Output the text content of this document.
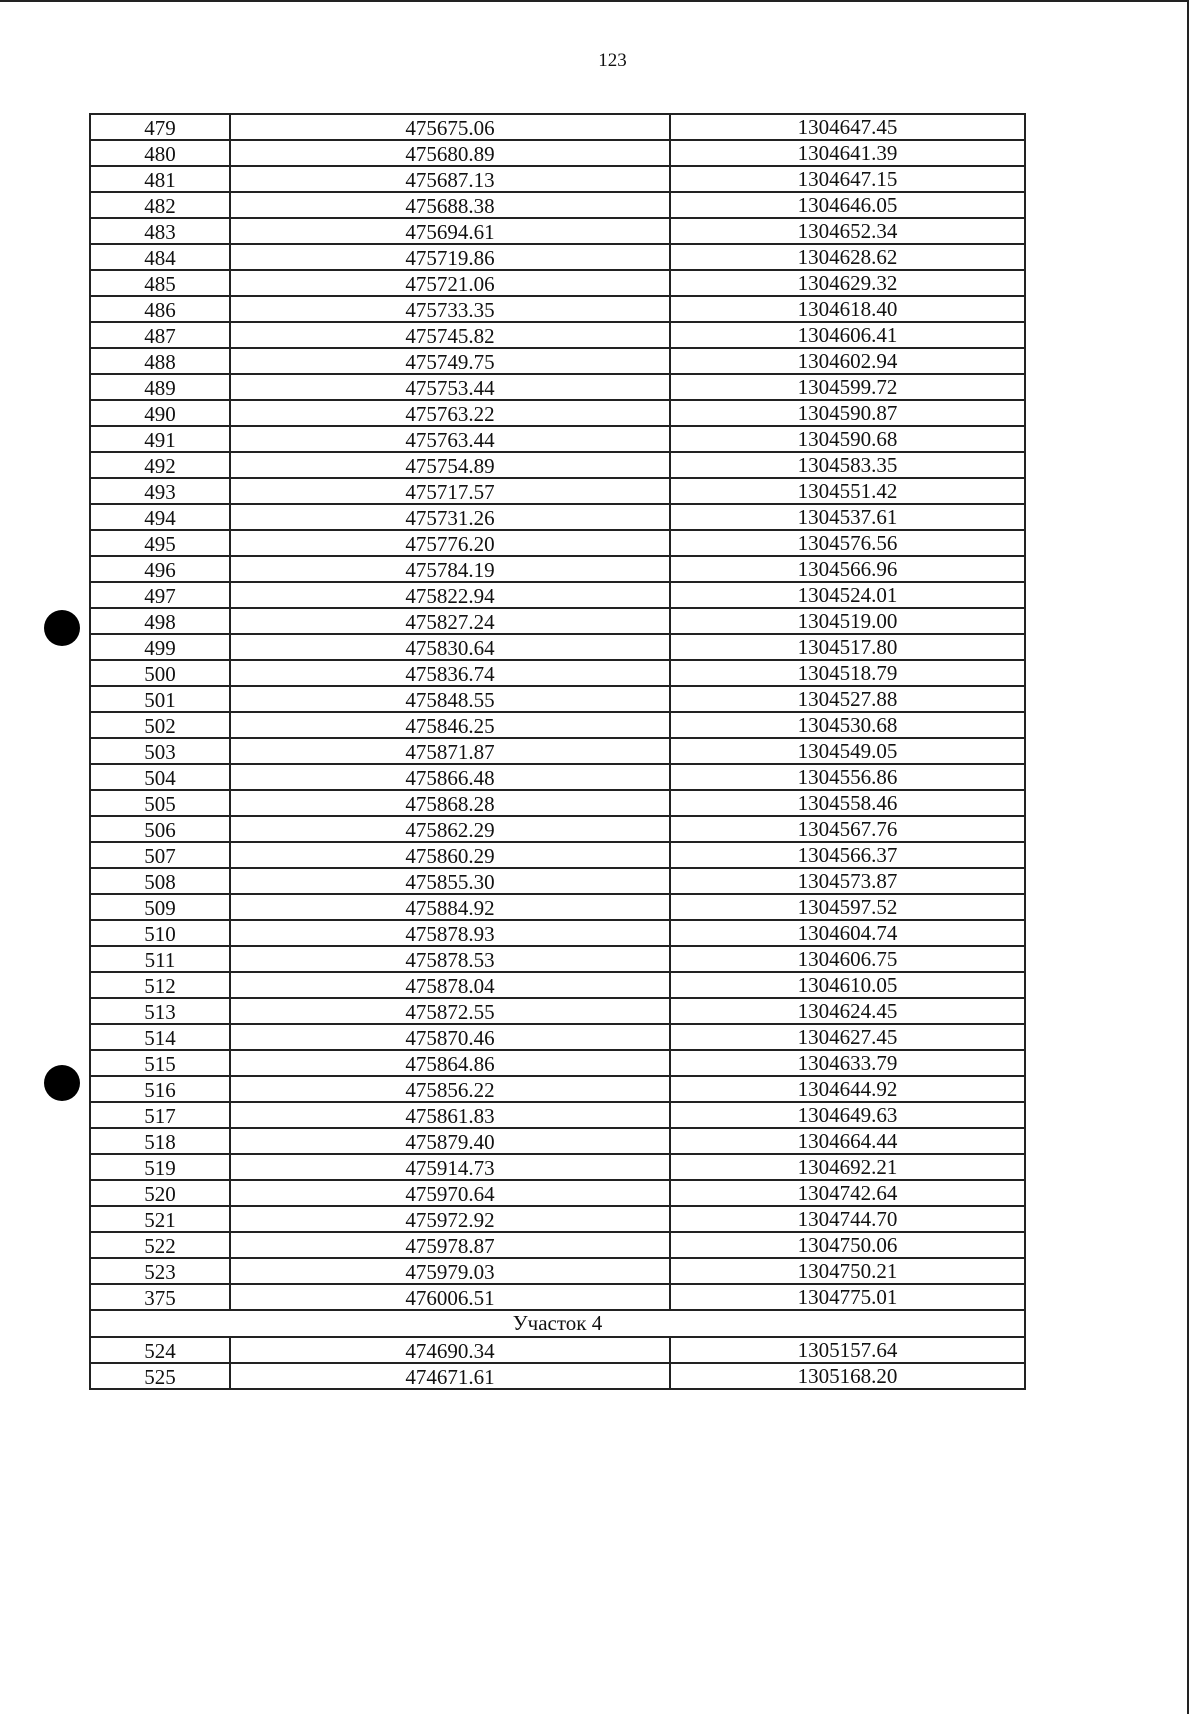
123
479	475675.06	1304647.45
480	475680.89	1304641.39
481	475687.13	1304647.15
482	475688.38	1304646.05
483	475694.61	1304652.34
484	475719.86	1304628.62
485	475721.06	1304629.32
486	475733.35	1304618.40
487	475745.82	1304606.41
488	475749.75	1304602.94
489	475753.44	1304599.72
490	475763.22	1304590.87
491	475763.44	1304590.68
492	475754.89	1304583.35
493	475717.57	1304551.42
494	475731.26	1304537.61
495	475776.20	1304576.56
496	475784.19	1304566.96
497	475822.94	1304524.01
498	475827.24	1304519.00
499	475830.64	1304517.80
500	475836.74	1304518.79
501	475848.55	1304527.88
502	475846.25	1304530.68
503	475871.87	1304549.05
504	475866.48	1304556.86
505	475868.28	1304558.46
506	475862.29	1304567.76
507	475860.29	1304566.37
508	475855.30	1304573.87
509	475884.92	1304597.52
510	475878.93	1304604.74
511	475878.53	1304606.75
512	475878.04	1304610.05
513	475872.55	1304624.45
514	475870.46	1304627.45
515	475864.86	1304633.79
516	475856.22	1304644.92
517	475861.83	1304649.63
518	475879.40	1304664.44
519	475914.73	1304692.21
520	475970.64	1304742.64
521	475972.92	1304744.70
522	475978.87	1304750.06
523	475979.03	1304750.21
375	476006.51	1304775.01
Участок 4		
524	474690.34	1305157.64
525	474671.61	1305168.20
